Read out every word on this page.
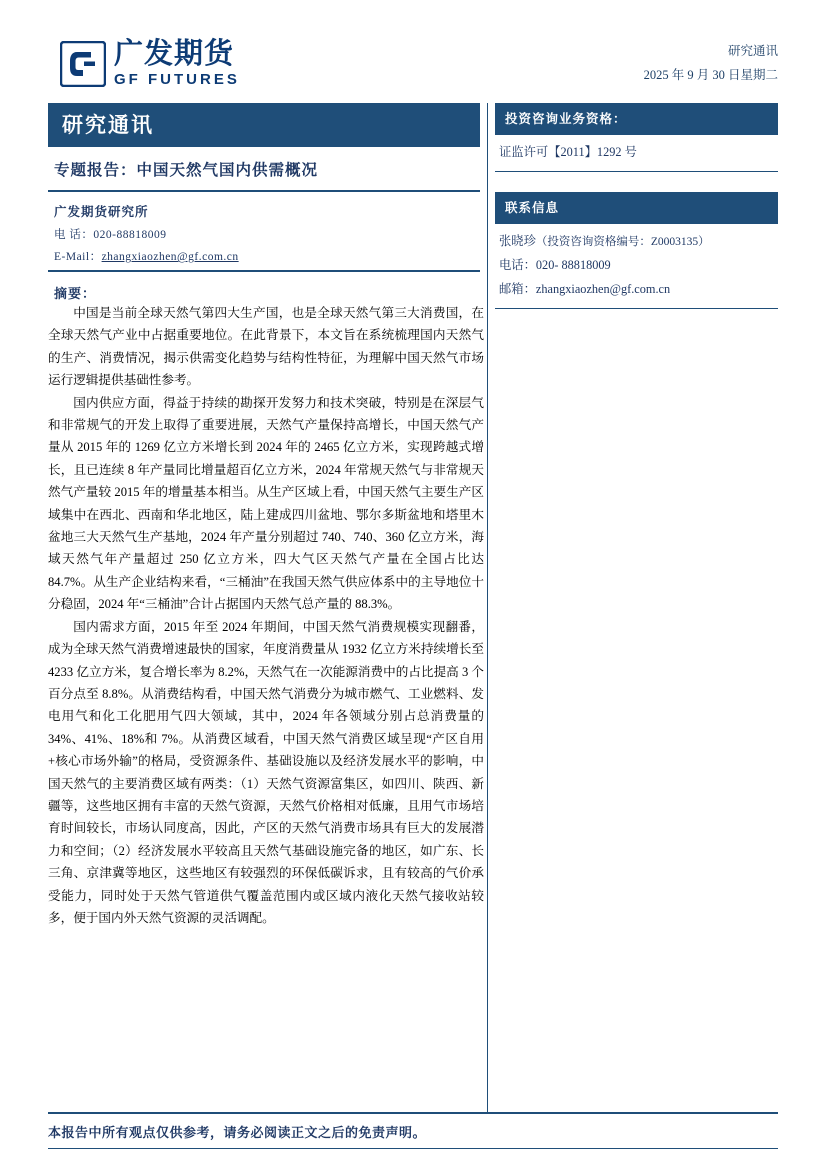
广发期货
GF FUTURES
研究通讯
2025 年 9 月 30 日星期二
研究通讯
专题报告：中国天然气国内供需概况
广发期货研究所
电 话：020-88818009
E-Mail：zhangxiaozhen@gf.com.cn
摘要：

中国是当前全球天然气第四大生产国，也是全球天然气第三大消费国，在全球天然气产业中占据重要地位。在此背景下，本文旨在系统梳理国内天然气的生产、消费情况，揭示供需变化趋势与结构性特征，为理解中国天然气市场运行逻辑提供基础性参考。

国内供应方面，得益于持续的勘探开发努力和技术突破，特别是在深层气和非常规气的开发上取得了重要进展，天然气产量保持高增长，中国天然气产量从 2015 年的 1269 亿立方米增长到 2024 年的 2465 亿立方米，实现跨越式增长，且已连续 8 年产量同比增量超百亿立方米，2024 年常规天然气与非常规天然气产量较 2015 年的增量基本相当。从生产区域上看，中国天然气主要生产区域集中在西北、西南和华北地区，陆上建成四川盆地、鄂尔多斯盆地和塔里木盆地三大天然气生产基地，2024 年产量分别超过 740、740、360 亿立方米，海域天然气年产量超过 250 亿立方米，四大气区天然气产量在全国占比达 84.7%。从生产企业结构来看，“三桶油”在我国天然气供应体系中的主导地位十分稳固，2024 年“三桶油”合计占据国内天然气总产量的 88.3%。

国内需求方面，2015 年至 2024 年期间，中国天然气消费规模实现翻番，成为全球天然气消费增速最快的国家，年度消费量从 1932 亿立方米持续增长至 4233 亿立方米，复合增长率为 8.2%，天然气在一次能源消费中的占比提高 3 个百分点至 8.8%。从消费结构看，中国天然气消费分为城市燃气、工业燃料、发电用气和化工化肥用气四大领域，其中，2024 年各领域分别占总消费量的 34%、41%、18%和 7%。从消费区域看，中国天然气消费区域呈现“产区自用+核心市场外输”的格局，受资源条件、基础设施以及经济发展水平的影响，中国天然气的主要消费区域有两类：（1）天然气资源富集区，如四川、陕西、新疆等，这些地区拥有丰富的天然气资源，天然气价格相对低廉，且用气市场培育时间较长，市场认同度高，因此，产区的天然气消费市场具有巨大的发展潜力和空间；（2）经济发展水平较高且天然气基础设施完备的地区，如广东、长三角、京津冀等地区，这些地区有较强烈的环保低碳诉求，且有较高的气价承受能力，同时处于天然气管道供气覆盖范围内或区域内液化天然气接收站较多，便于国内外天然气资源的灵活调配。

投资咨询业务资格：
证监许可【2011】1292 号
联系信息
张晓珍（投资咨询资格编号：Z0003135）
电话：020- 88818009
邮箱：zhangxiaozhen@gf.com.cn
本报告中所有观点仅供参考，请务必阅读正文之后的免责声明。
